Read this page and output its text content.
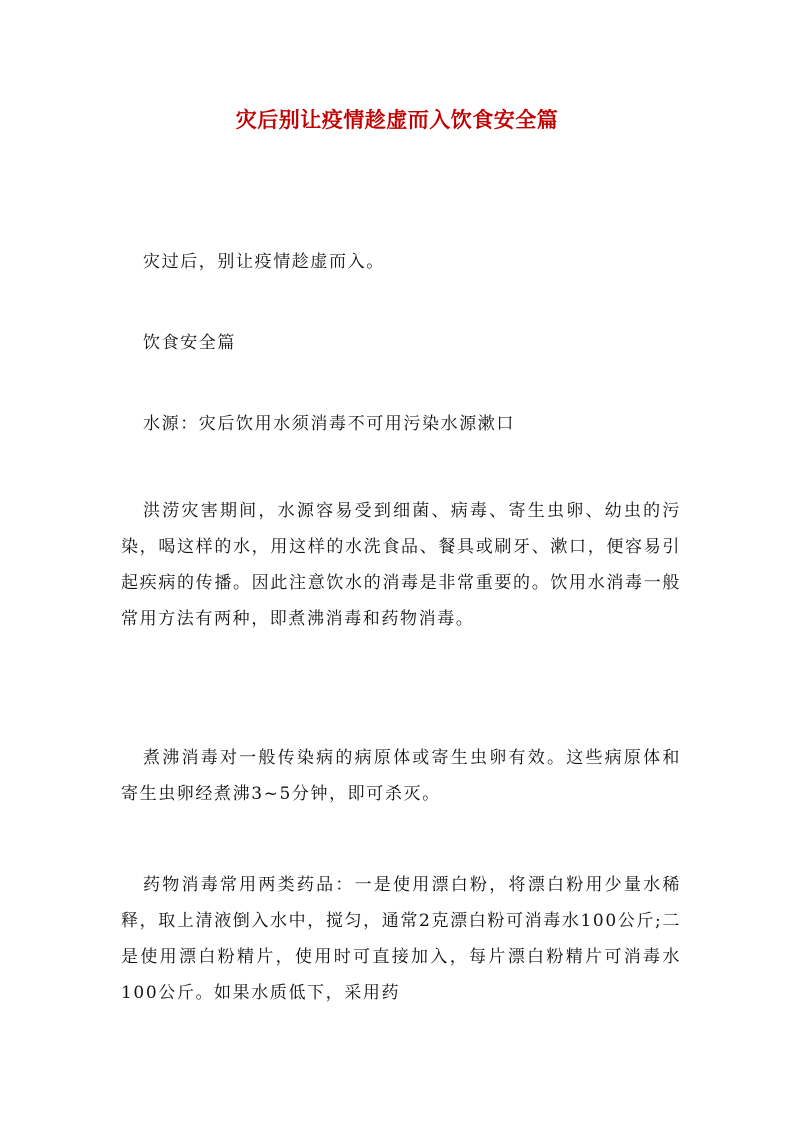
灾后别让疫情趁虚而入饮食安全篇

灾过后，别让疫情趁虚而入。

饮食安全篇

水源：灾后饮用水须消毒不可用污染水源漱口

洪涝灾害期间，水源容易受到细菌、病毒、寄生虫卵、幼虫的污染，喝这样的水，用这样的水洗食品、餐具或刷牙、漱口，便容易引起疾病的传播。因此注意饮水的消毒是非常重要的。饮用水消毒一般常用方法有两种，即煮沸消毒和药物消毒。

煮沸消毒对一般传染病的病原体或寄生虫卵有效。这些病原体和寄生虫卵经煮沸3~5分钟，即可杀灭。

药物消毒常用两类药品：一是使用漂白粉，将漂白粉用少量水稀释，取上清液倒入水中，搅匀，通常2克漂白粉可消毒水100公斤;二是使用漂白粉精片，使用时可直接加入，每片漂白粉精片可消毒水100公斤。如果水质低下，采用药
